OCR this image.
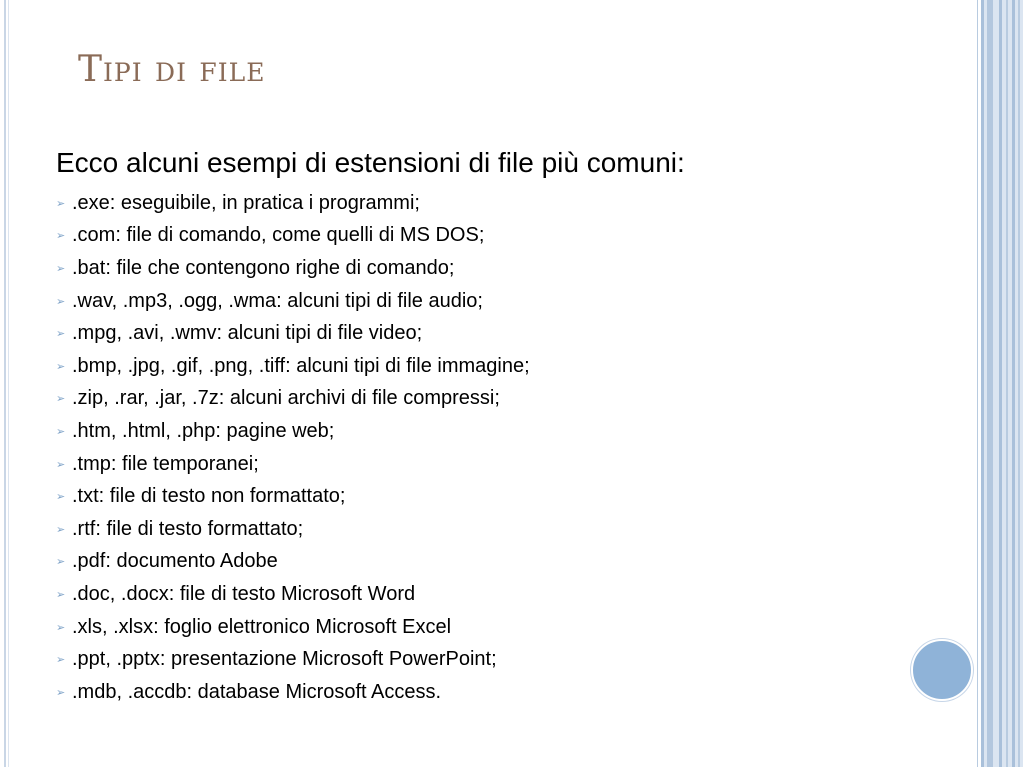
Tipi di file

Ecco alcuni esempi di estensioni di file più comuni:

➢ .exe: eseguibile, in pratica i programmi;
➢ .com: file di comando, come quelli di MS DOS;
➢ .bat: file che contengono righe di comando;
➢ .wav, .mp3, .ogg, .wma: alcuni tipi di file audio;
➢ .mpg, .avi, .wmv: alcuni tipi di file video;
➢ .bmp, .jpg, .gif, .png, .tiff: alcuni tipi di file immagine;
➢ .zip, .rar, .jar, .7z: alcuni archivi di file compressi;
➢ .htm, .html, .php: pagine web;
➢ .tmp: file temporanei;
➢ .txt: file di testo non formattato;
➢ .rtf: file di testo formattato;
➢ .pdf: documento Adobe
➢ .doc, .docx: file di testo Microsoft Word
➢ .xls, .xlsx: foglio elettronico Microsoft Excel
➢ .ppt, .pptx: presentazione Microsoft PowerPoint;
➢ .mdb, .accdb: database Microsoft Access.
